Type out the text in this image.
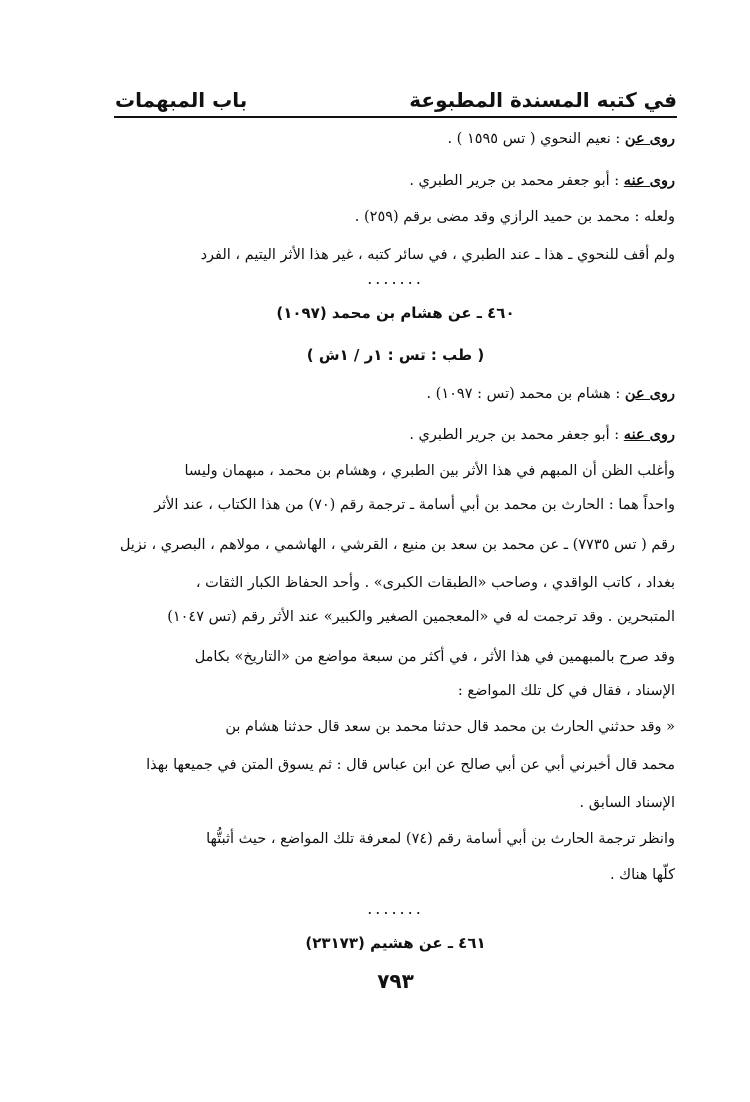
في كتبه المسندة المطبوعة
باب المبهمات
روى عن : نعيم النحوي ( تس ١٥٩٥ ) .
روى عنه : أبو جعفر محمد بن جرير الطبري .
ولعله : محمد بن حميد الرازي وقد مضى برقم (٢٥٩) .
ولم أقف للنحوي ـ هذا ـ عند الطبري ، في سائر كتبه ، غير هذا الأثر اليتيم ، الفرد
.......
٤٦٠ ـ عن هشام بن محمد (١٠٩٧)
( طب : تس : ١ر / ١ش )
روى عن : هشام بن محمد (تس : ١٠٩٧) .
روى عنه : أبو جعفر محمد بن جرير الطبري .
وأغلب الظن أن المبهم في هذا الأثر بين الطبري ، وهشام بن محمد ، مبهمان وليسا
واحداً هما : الحارث بن محمد بن أبي أسامة ـ ترجمة رقم (٧٠) من هذا الكتاب ، عند الأثر
رقم ( تس ٧٧٣٥) ـ عن محمد بن سعد بن منيع ، القرشي ، الهاشمي ، مولاهم ، البصري ، نزيل
بغداد ، كاتب الواقدي ، وصاحب «الطبقات الكبرى» . وأحد الحفاظ الكبار الثقات ،
المتبحرين . وقد ترجمت له في «المعجمين الصغير والكبير» عند الأثر رقم (تس ١٠٤٧)
وقد صرح بالمبهمين في هذا الأثر ، في أكثر من سبعة مواضع من «التاريخ» بكامل
الإسناد ، فقال في كل تلك المواضع :
« وقد حدثني الحارث بن محمد قال حدثنا محمد بن سعد قال حدثنا هشام بن
محمد قال أخبرني أبي عن أبي صالح عن ابن عباس قال : ثم يسوق المتن في جميعها بهذا
الإسناد السابق .
وانظر ترجمة الحارث بن أبي أسامة رقم (٧٤) لمعرفة تلك المواضع ، حيث أثبتُّها
كلّها هناك .
.......
٤٦١ ـ عن هشيم (٢٣١٧٣)
٧٩٣
